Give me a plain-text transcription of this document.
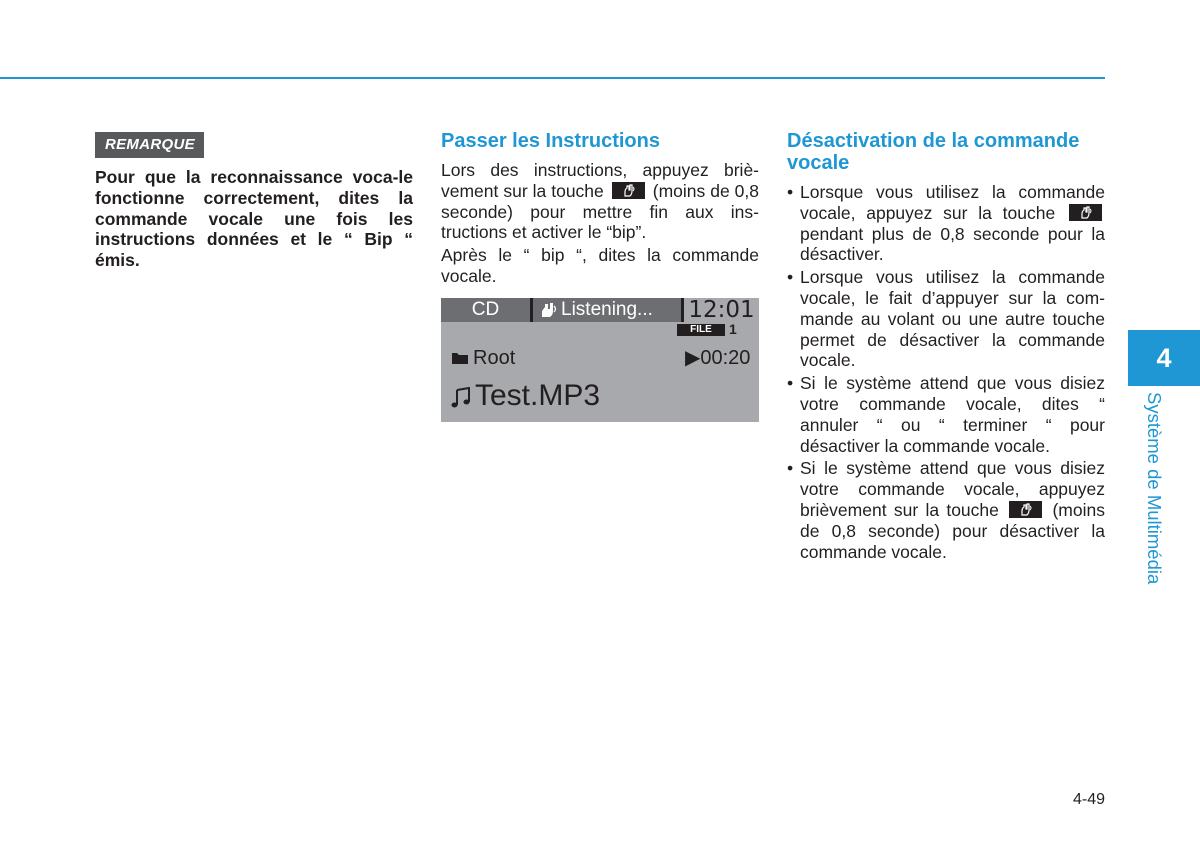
REMARQUE
Pour que la reconnaissance voca-le fonctionne correctement, dites la commande vocale une fois les instructions données et le “ Bip “ émis.
Passer les Instructions

Lors des instructions, appuyez briè-vement sur la touche	(moins de 0,8 seconde) pour mettre fin aux ins-tructions et activer le “bip”.

Après le “ bip “, dites la commande vocale.

CD	Listening... 12:01
FILE	1
Root	▶00:20
Test.MP3
Désactivation de la commande vocale
• Lorsque vous utilisez la commande vocale, appuyez sur la touche
pendant plus de 0,8 seconde pour la désactiver.
• Lorsque vous utilisez la commande vocale, le fait d’appuyer sur la com-mande au volant ou une autre touche permet de désactiver la commande vocale.
• Si le système attend que vous disiez votre commande vocale, dites “ annuler “ ou “ terminer “ pour désactiver la commande vocale.
• Si le système attend que vous disiez votre commande vocale, appuyez brièvement sur la touche	(moins de 0,8 seconde) pour désactiver la commande vocale.
4
Système de Multimédia
4-49
